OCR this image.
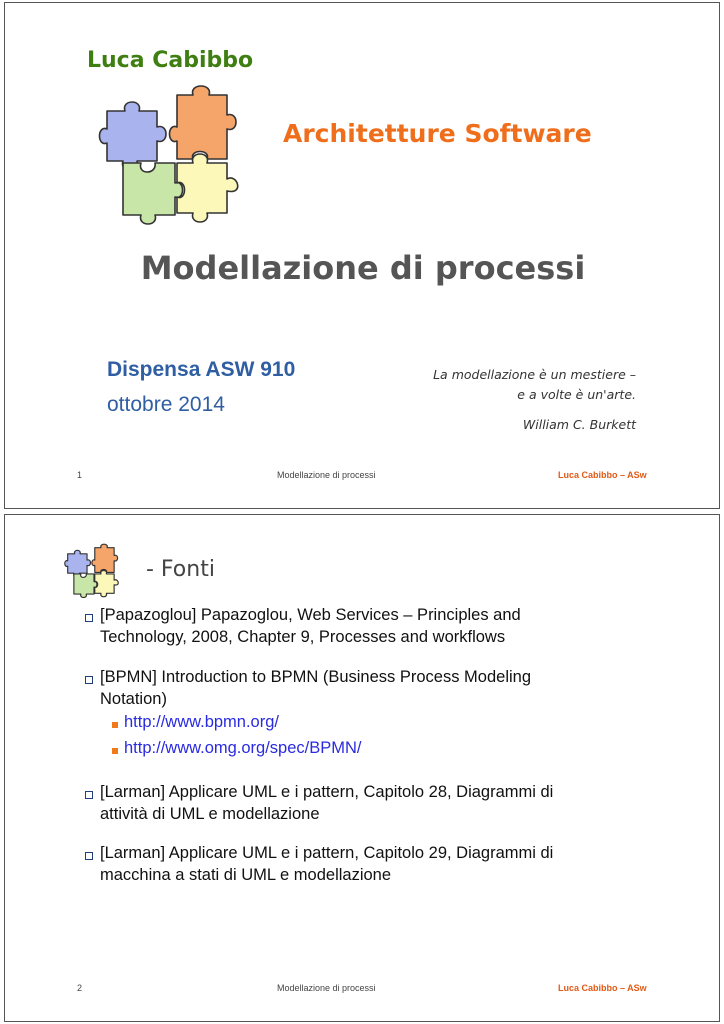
Luca Cabibbo
Architetture Software
Modellazione di processi
Dispensa ASW 910
ottobre 2014
La modellazione è un mestiere –
e a volte è un'arte.
William C. Burkett
1	Modellazione di processi	Luca Cabibbo – ASw
- Fonti
[Papazoglou] Papazoglou, Web Services – Principles and
Technology, 2008, Chapter 9, Processes and workflows
[BPMN] Introduction to BPMN (Business Process Modeling
Notation)
http://www.bpmn.org/
http://www.omg.org/spec/BPMN/
[Larman] Applicare UML e i pattern, Capitolo 28, Diagrammi di
attività di UML e modellazione
[Larman] Applicare UML e i pattern, Capitolo 29, Diagrammi di
macchina a stati di UML e modellazione
2	Modellazione di processi	Luca Cabibbo – ASw
